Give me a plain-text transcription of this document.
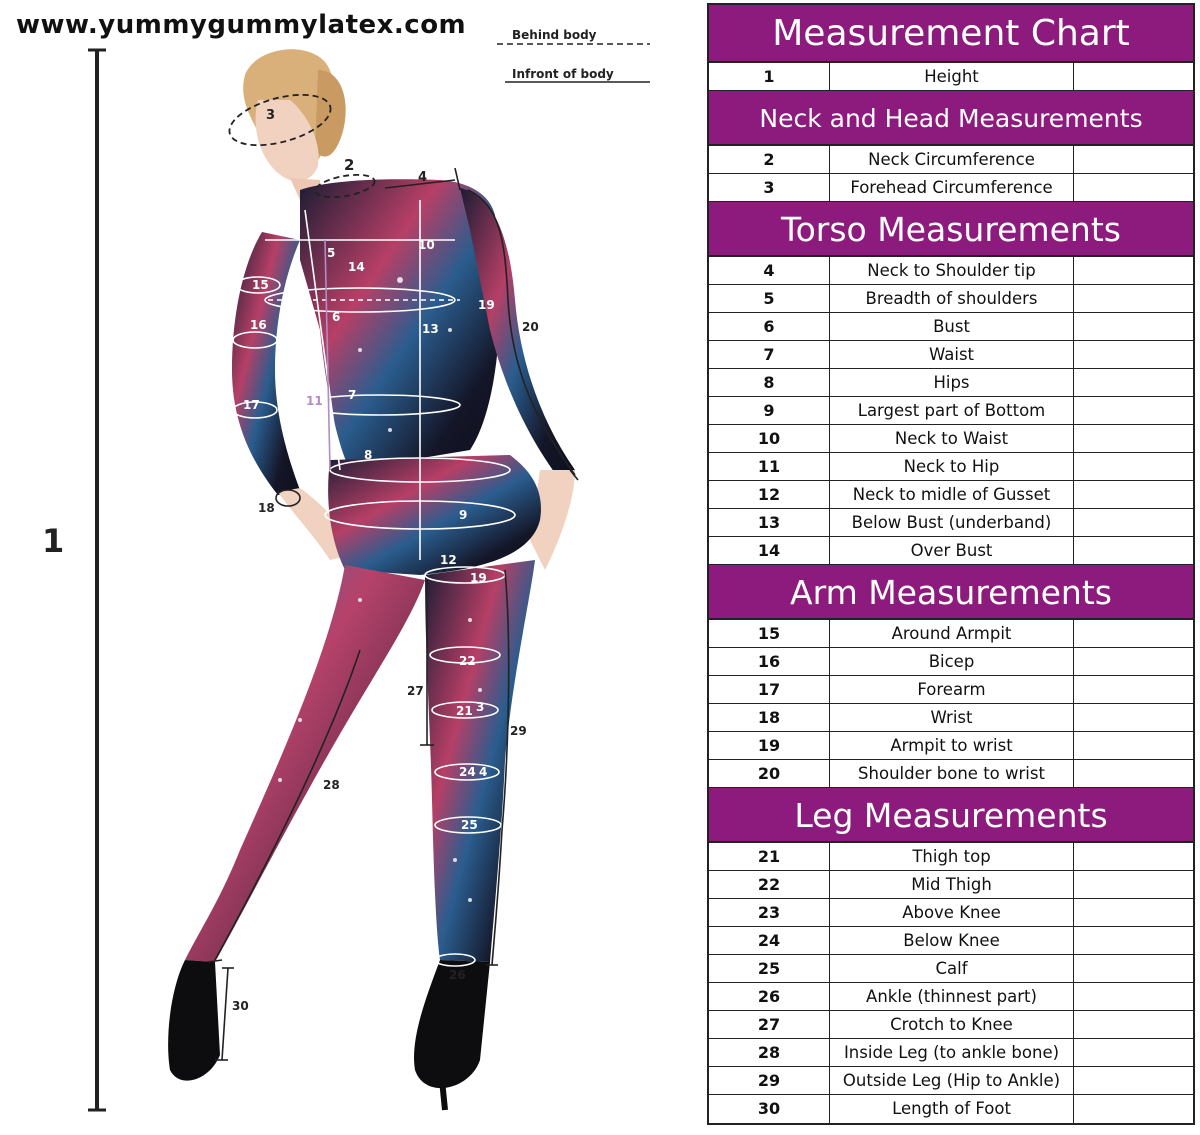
www.yummygummylatex.com	Behind body
Infront of body
1
3
2
4
5
10
14
15
19
20
6
13
16
11 7
17
8
18	9
12
19
22
27
21 3
29
24 4
28
25
26
30
Measurement Chart
1	Height
Neck and Head Measurements
2	Neck Circumference
3	Forehead Circumference
Torso Measurements
4	Neck to Shoulder tip
5	Breadth of shoulders
6	Bust
7	Waist
8	Hips
9	Largest part of Bottom
10	Neck to Waist
11	Neck to Hip
12	Neck to midle of Gusset
13	Below Bust (underband)
14	Over Bust
Arm Measurements
15	Around Armpit
16	Bicep
17	Forearm
18	Wrist
19	Armpit to wrist
20	Shoulder bone to wrist
Leg Measurements
21	Thigh top
22	Mid Thigh
23	Above Knee
24	Below Knee
25	Calf
26	Ankle (thinnest part)
27	Crotch to Knee
28	Inside Leg (to ankle bone)
29	Outside Leg (Hip to Ankle)
30	Length of Foot
